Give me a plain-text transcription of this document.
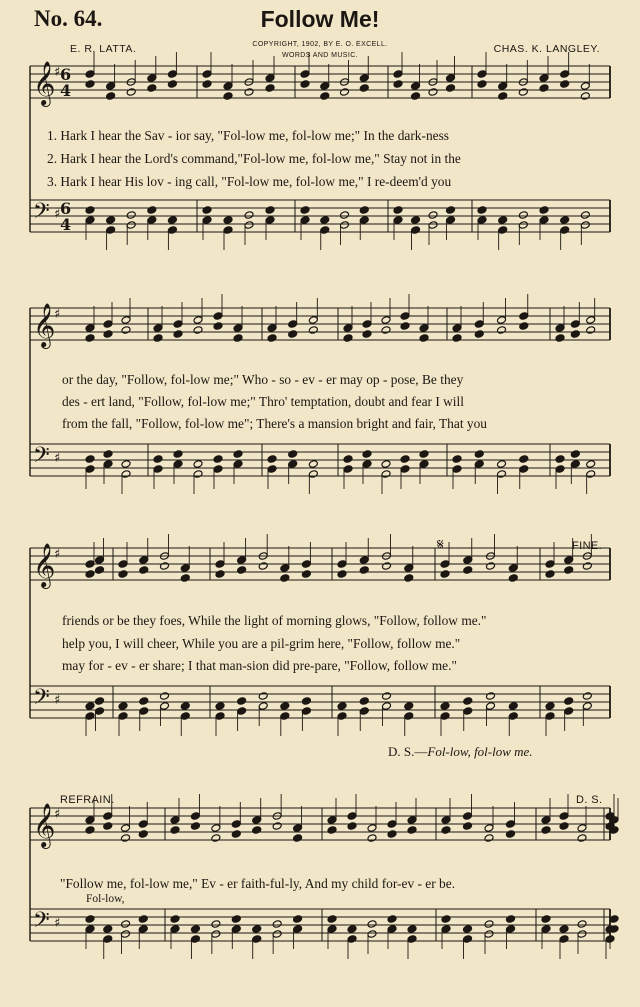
No. 64.	Follow Me!
E. R. LATTA.	COPYRIGHT, 1902, BY E. O. EXCELL.
WORDS AND MUSIC.
CHAS. K. LANGLEY.
𝄞
♯
𝄢 ♯
6
6
4
4
𝄞
♯
𝄢 ♯
𝄞
♯
𝄢 ♯
𝄞
♯
𝄢 ♯
1. Hark I hear the Sav - ior say, "Fol-low me, fol-low me;" In the dark-ness
2. Hark I hear the Lord's command,"Fol-low me, fol-low me," Stay not in the
3. Hark I hear His lov - ing call, "Fol-low me, fol-low me," I re-deem'd you
or the day, "Follow, fol-low me;" Who - so - ev - er may op - pose, Be they
des - ert land, "Follow, fol-low me;" Thro' temptation, doubt and fear I will
from the fall, "Follow, fol-low me"; There's a mansion bright and fair, That you
𝄋	FINE.
friends or be they foes, While the light of morning glows, "Follow, follow me."
help you, I will cheer, While you are a pil-grim here, "Follow, follow me."
may for - ev - er share; I that man-sion did pre-pare, "Follow, follow me."
D. S.—Fol-low, fol-low me.
REFRAIN.	D. S.
"Follow me, fol-low me," Ev - er faith-ful-ly, And my child for-ev - er be.
Fol-low,
